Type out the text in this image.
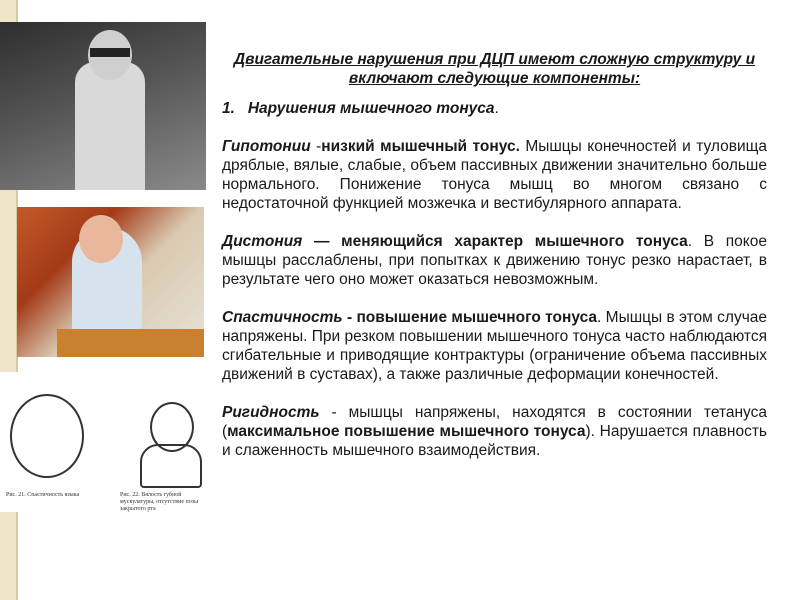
Рис. 21. Спастичность языка	Рис. 22. Вялость губной мускулатуры, отсутствие позы закрытого рта

Двигательные нарушения при ДЦП имеют сложную структуру и включают следующие компоненты:

1. Нарушения мышечного тонуса.

Гипотонии -низкий мышечный тонус. Мышцы конечностей и туловища дряблые, вялые, слабые, объем пассивных движении значительно больше нормального. Понижение тонуса мышц во многом связано с недостаточной функцией мозжечка и вестибулярного аппарата.

Дистония — меняющийся характер мышечного тонуса. В покое мышцы расслаблены, при попытках к движению тонус резко нарастает, в результате чего оно может оказаться невозможным.

Спастичность - повышение мышечного тонуса. Мышцы в этом случае напряжены. При резком повышении мышечного тонуса часто наблюдаются сгибательные и приводящие контрактуры (ограничение объема пассивных движений в суставах), а также различные деформации конечностей.

Ригидность - мышцы напряжены, находятся в состоянии тетануса (максимальное повышение мышечного тонуса). Нарушается плавность и слаженность мышечного взаимодействия.
